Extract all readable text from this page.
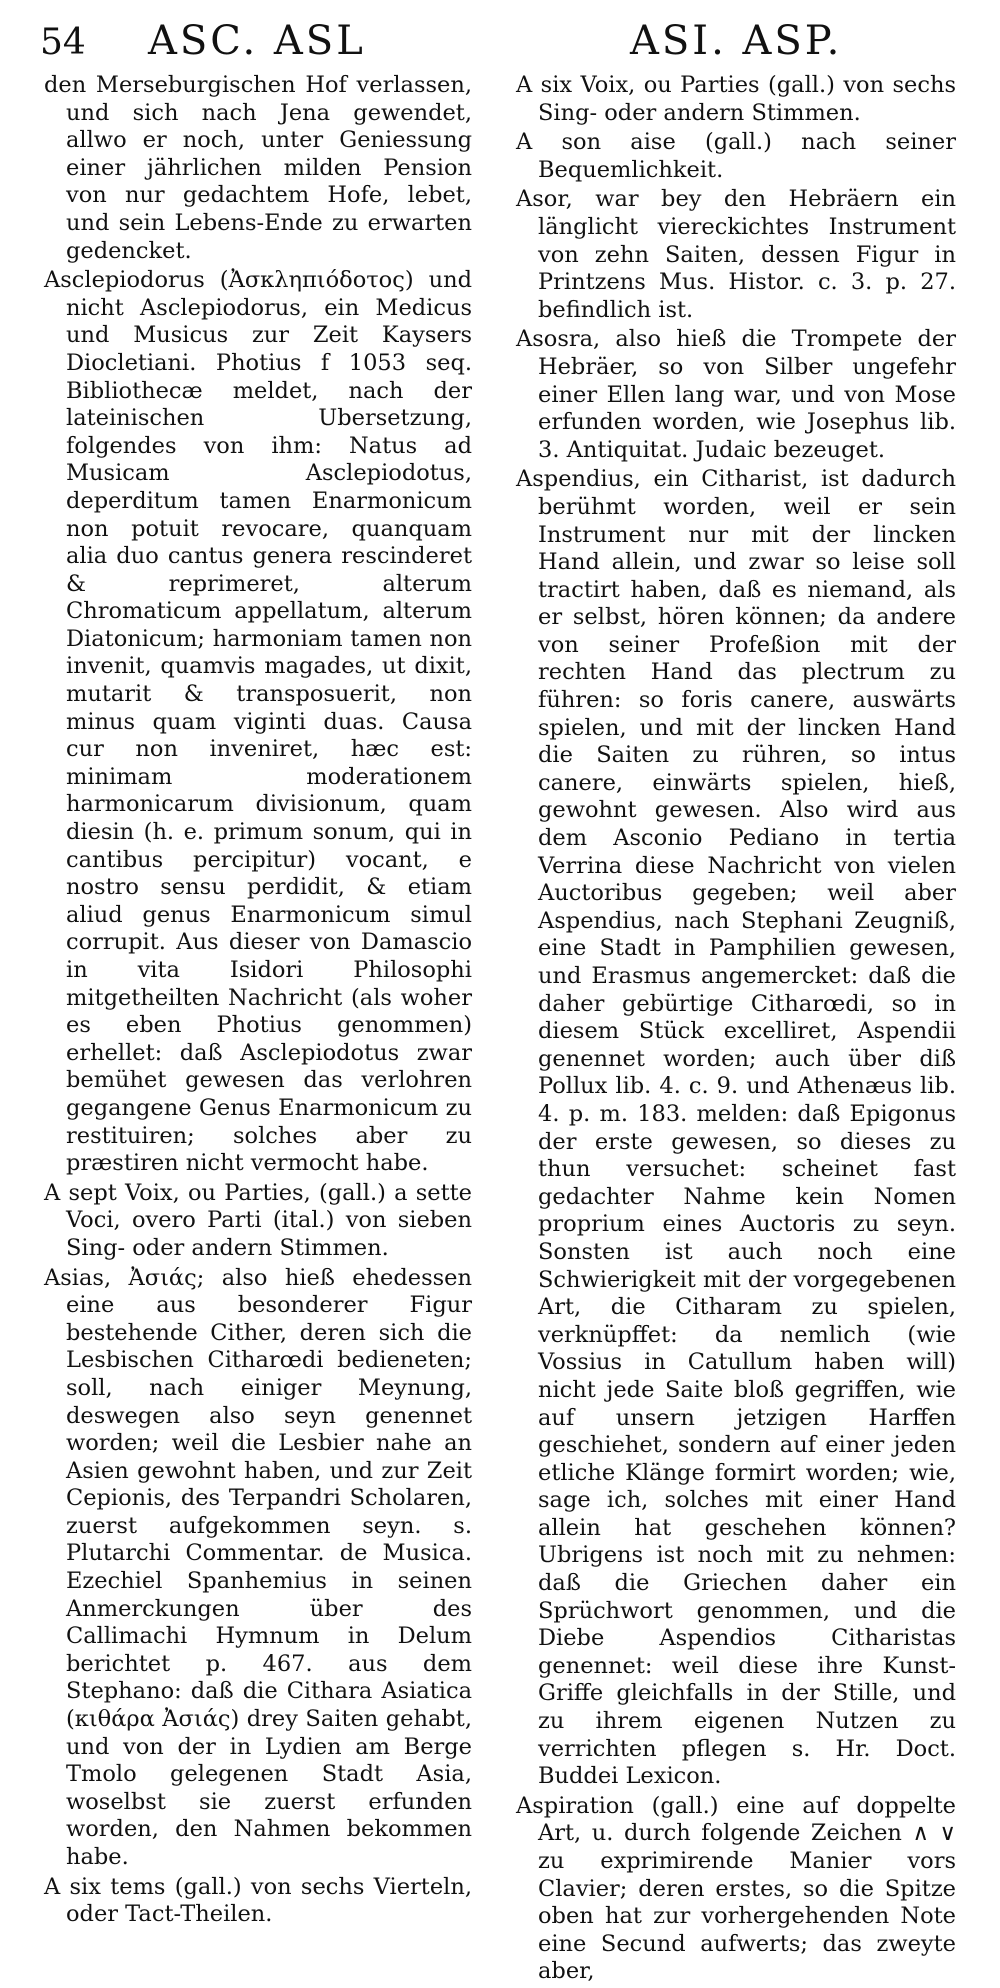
54 ASC. ASL	ASI. ASP.

den Merseburgischen Hof verlassen, und sich nach Jena gewendet, allwo er noch, unter Geniessung einer jährlichen milden Pension von nur gedachtem Hofe, lebet, und sein Lebens-Ende zu erwarten gedencket.

Asclepiodorus (Ἀσκληπιόδοτος) und nicht Asclepiodorus, ein Medicus und Musicus zur Zeit Kaysers Diocletiani. Photius f 1053 seq. Bibliothecæ meldet, nach der lateinischen Ubersetzung, folgendes von ihm: Natus ad Musicam Asclepiodotus, deperditum tamen Enarmonicum non potuit revocare, quanquam alia duo cantus genera rescinderet & reprimeret, alterum Chromaticum appellatum, alterum Diatonicum; harmoniam tamen non invenit, quamvis magades, ut dixit, mutarit & transposuerit, non minus quam viginti duas. Causa cur non inveniret, hæc est: minimam moderationem harmonicarum divisionum, quam diesin (h. e. primum sonum, qui in cantibus percipitur) vocant, e nostro sensu perdidit, & etiam aliud genus Enarmonicum simul corrupit. Aus dieser von Damascio in vita Isidori Philosophi mitgetheilten Nachricht (als woher es eben Photius genommen) erhellet: daß Asclepiodotus zwar bemühet gewesen das verlohren gegangene Genus Enarmonicum zu restituiren; solches aber zu præstiren nicht vermocht habe.

A sept Voix, ou Parties, (gall.) a sette Voci, overo Parti (ital.) von sieben Sing- oder andern Stimmen.

Asias, Ἀσιάς; also hieß ehedessen eine aus besonderer Figur bestehende Cither, deren sich die Lesbischen Citharœdi bedieneten; soll, nach einiger Meynung, deswegen also seyn genennet worden; weil die Lesbier nahe an Asien gewohnt haben, und zur Zeit Cepionis, des Terpandri Scholaren, zuerst aufgekommen seyn. s. Plutarchi Commentar. de Musica. Ezechiel Spanhemius in seinen Anmerckungen über des Callimachi Hymnum in Delum berichtet p. 467. aus dem Stephano: daß die Cithara Asiatica (κιθάρα Ἀσιάς) drey Saiten gehabt, und von der in Lydien am Berge Tmolo gelegenen Stadt Asia, woselbst sie zuerst erfunden worden, den Nahmen bekommen habe.

A six tems (gall.) von sechs Vierteln, oder Tact-Theilen.

A six Voix, ou Parties (gall.) von sechs Sing- oder andern Stimmen.

A son aise (gall.) nach seiner Bequemlichkeit.

Asor, war bey den Hebräern ein länglicht viereckichtes Instrument von zehn Saiten, dessen Figur in Printzens Mus. Histor. c. 3. p. 27. befindlich ist.

Asosra, also hieß die Trompete der Hebräer, so von Silber ungefehr einer Ellen lang war, und von Mose erfunden worden, wie Josephus lib. 3. Antiquitat. Judaic bezeuget.

Aspendius, ein Citharist, ist dadurch berühmt worden, weil er sein Instrument nur mit der lincken Hand allein, und zwar so leise soll tractirt haben, daß es niemand, als er selbst, hören können; da andere von seiner Profeßion mit der rechten Hand das plectrum zu führen: so foris canere, auswärts spielen, und mit der lincken Hand die Saiten zu rühren, so intus canere, einwärts spielen, hieß, gewohnt gewesen. Also wird aus dem Asconio Pediano in tertia Verrina diese Nachricht von vielen Auctoribus gegeben; weil aber Aspendius, nach Stephani Zeugniß, eine Stadt in Pamphilien gewesen, und Erasmus angemercket: daß die daher gebürtige Citharœdi, so in diesem Stück excelliret, Aspendii genennet worden; auch über diß Pollux lib. 4. c. 9. und Athenæus lib. 4. p. m. 183. melden: daß Epigonus der erste gewesen, so dieses zu thun versuchet: scheinet fast gedachter Nahme kein Nomen proprium eines Auctoris zu seyn. Sonsten ist auch noch eine Schwierigkeit mit der vorgegebenen Art, die Citharam zu spielen, verknüpffet: da nemlich (wie Vossius in Catullum haben will) nicht jede Saite bloß gegriffen, wie auf unsern jetzigen Harffen geschiehet, sondern auf einer jeden etliche Klänge formirt worden; wie, sage ich, solches mit einer Hand allein hat geschehen können? Ubrigens ist noch mit zu nehmen: daß die Griechen daher ein Sprüchwort genommen, und die Diebe Aspendios Citharistas genennet: weil diese ihre Kunst-Griffe gleichfalls in der Stille, und zu ihrem eigenen Nutzen zu verrichten pflegen s. Hr. Doct. Buddei Lexicon.

Aspiration (gall.) eine auf doppelte Art, u. durch folgende Zeichen ∧ ∨ zu exprimirende Manier vors Clavier; deren erstes, so die Spitze oben hat zur vorhergehenden Note eine Secund aufwerts; das zweyte aber,
